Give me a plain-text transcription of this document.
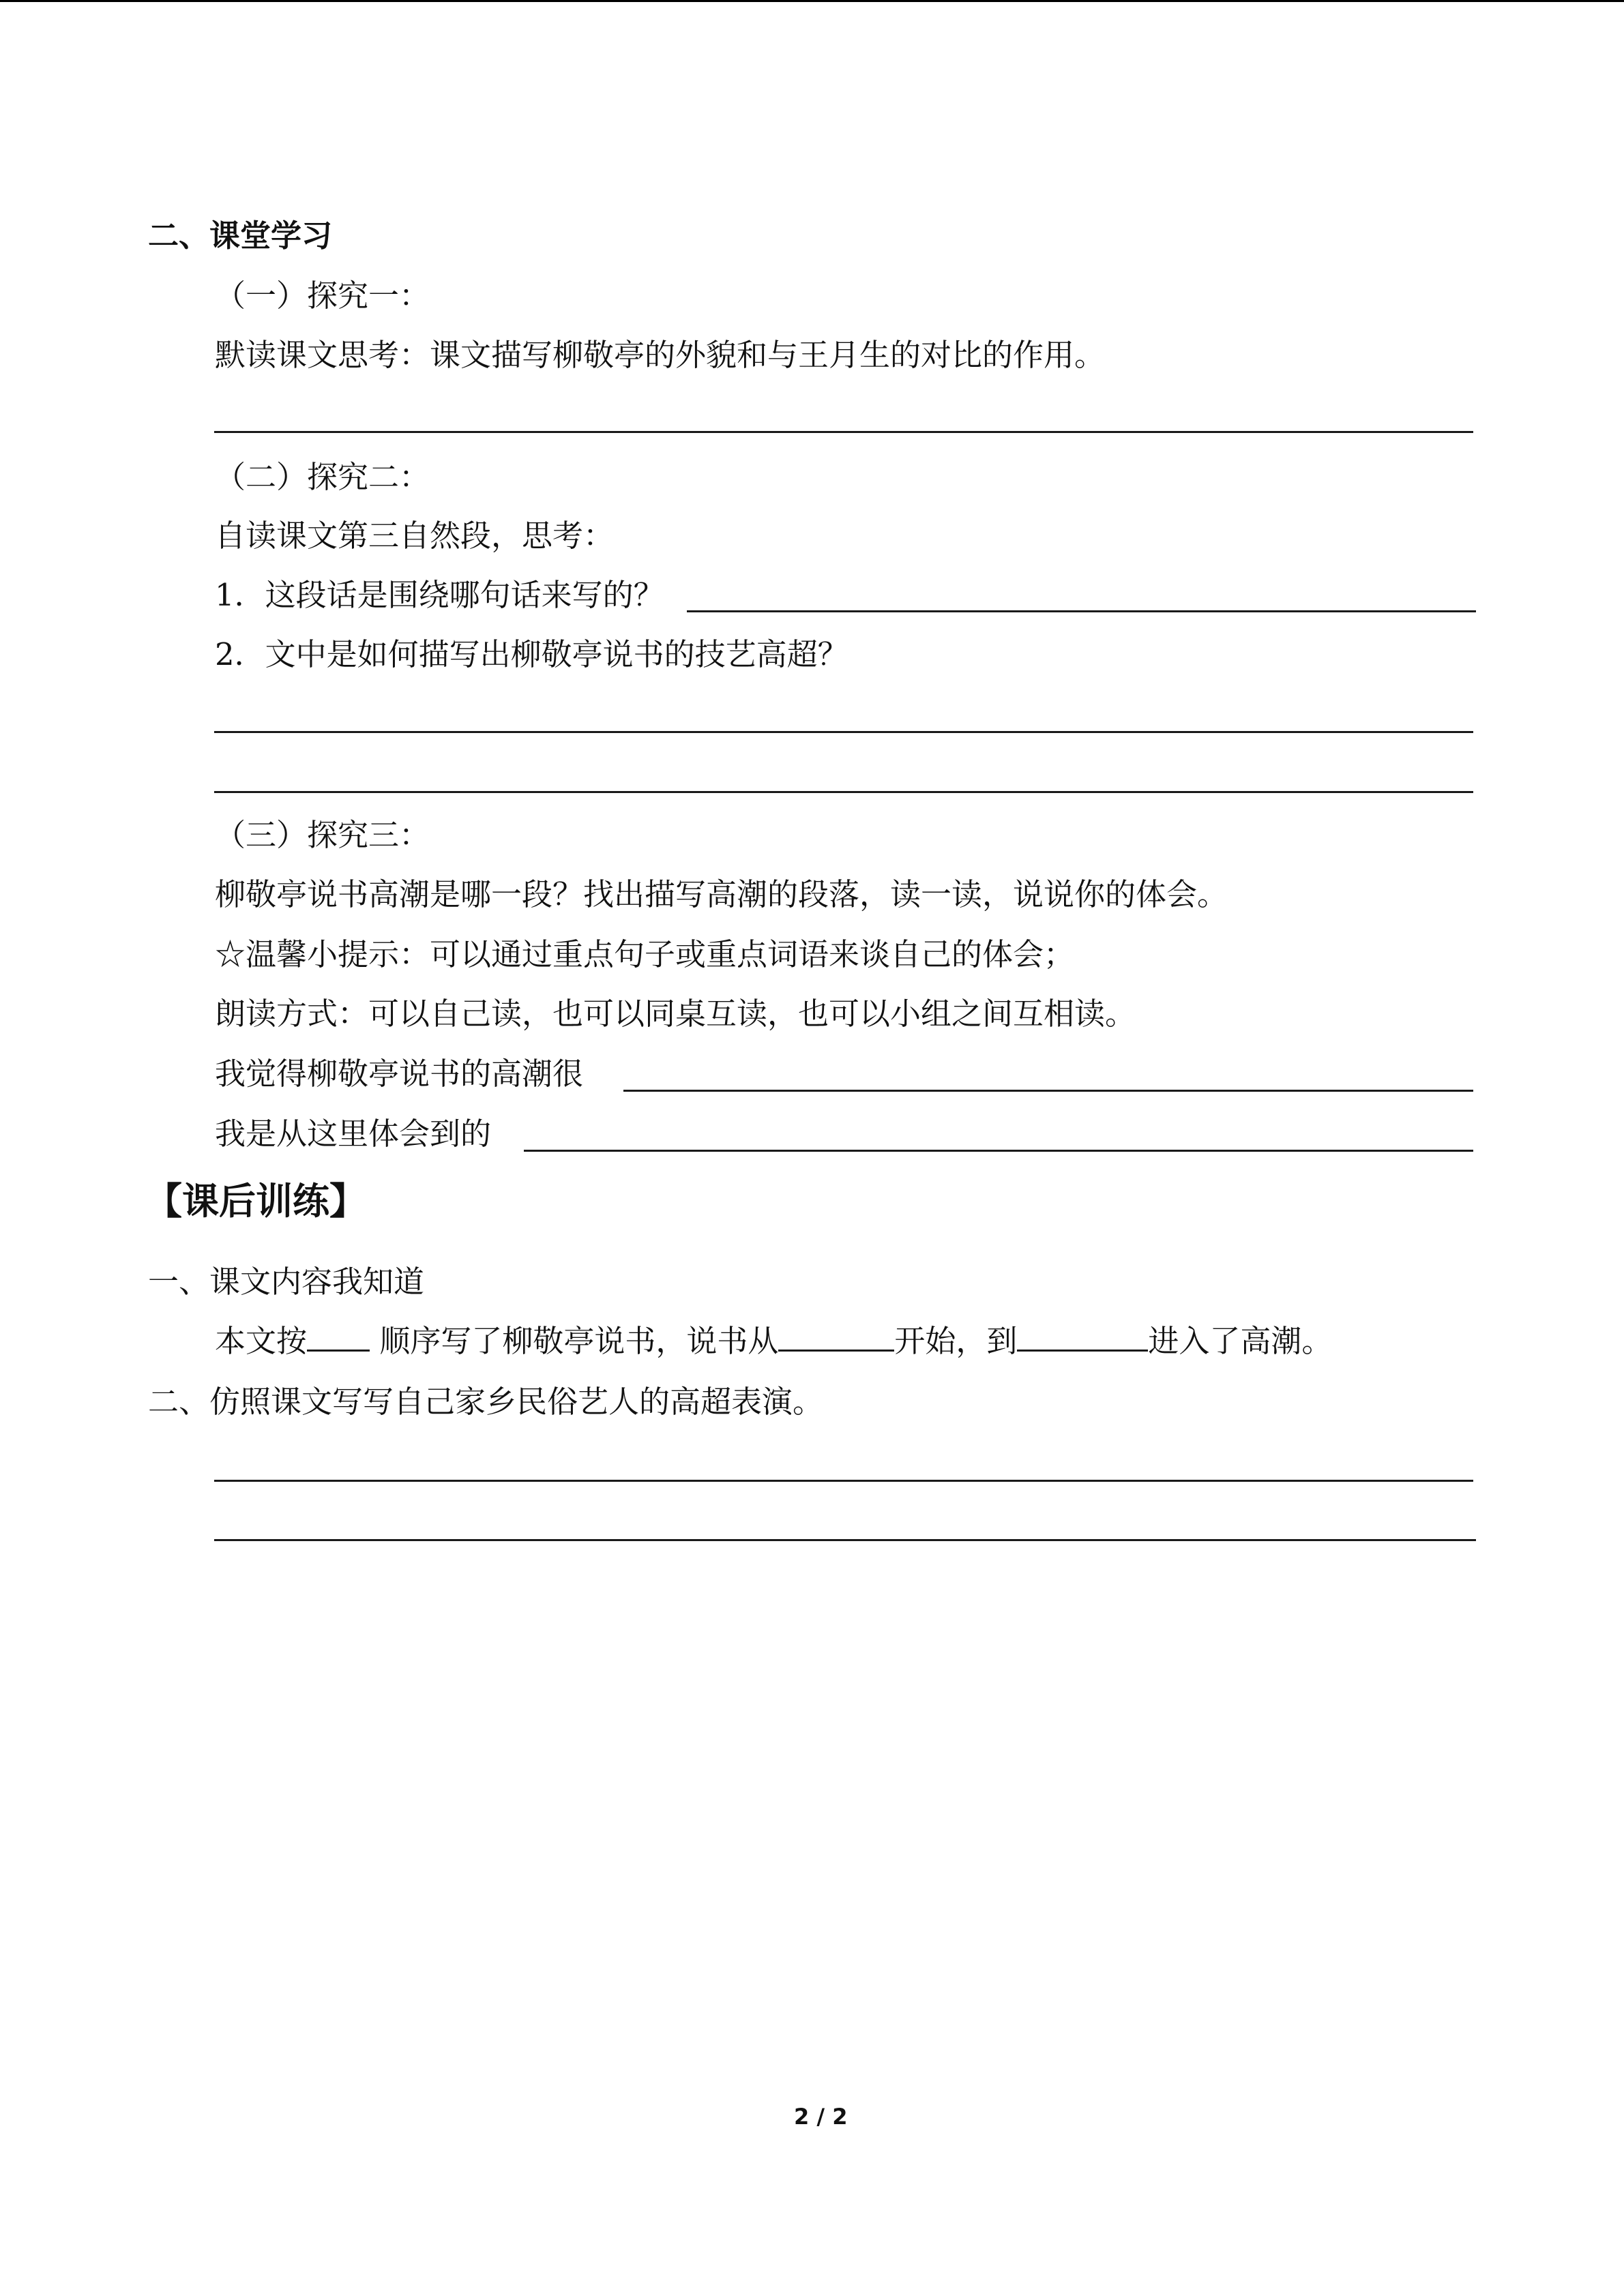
二、课堂学习
（一）探究一：
默读课文思考：课文描写柳敬亭的外貌和与王月生的对比的作用。
（二）探究二：
自读课文第三自然段，思考：
1．这段话是围绕哪句话来写的？
2．文中是如何描写出柳敬亭说书的技艺高超？
（三）探究三：
柳敬亭说书高潮是哪一段？找出描写高潮的段落，读一读，说说你的体会。
☆温馨小提示：可以通过重点句子或重点词语来谈自己的体会；
朗读方式：可以自己读，也可以同桌互读，也可以小组之间互相读。
我觉得柳敬亭说书的高潮很
我是从这里体会到的
【课后训练】
一、课文内容我知道
本文按 顺序写了柳敬亭说书，说书从	开始，到	进入了高潮。
二、仿照课文写写自己家乡民俗艺人的高超表演。
2 / 2
